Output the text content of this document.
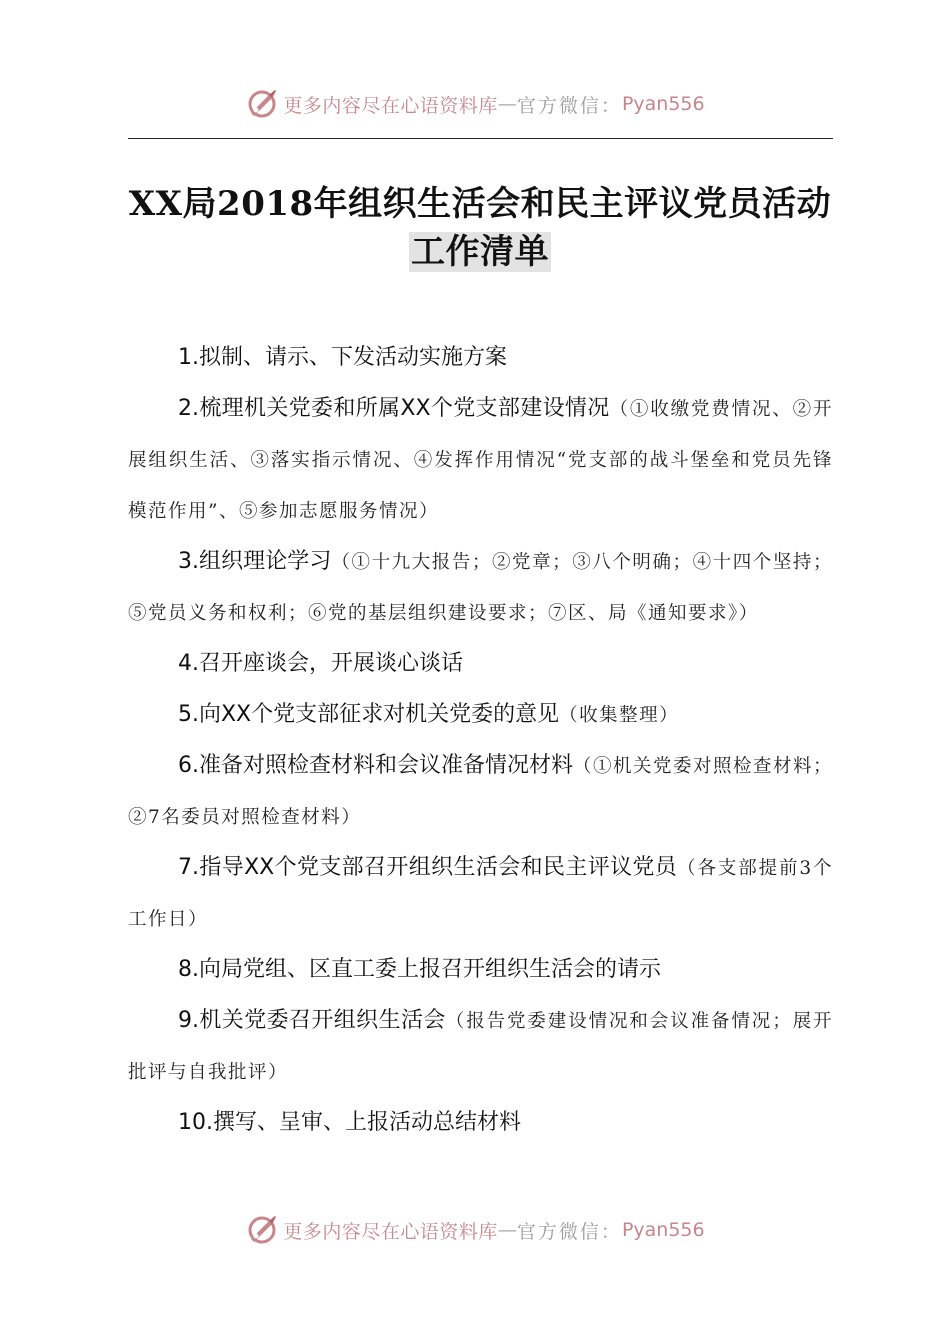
更多内容尽在心语资料库 — 官方微信： Pyan556
XX局2018年组织生活会和民主评议党员活动
工作清单

1.拟制、请示、下发活动实施方案

2.梳理机关党委和所属XX个党支部建设情况（①收缴党费情况、②开展组织生活、③落实指示情况、④发挥作用情况“党支部的战斗堡垒和党员先锋模范作用”、⑤参加志愿服务情况）

3.组织理论学习（①十九大报告；②党章；③八个明确；④十四个坚持；⑤党员义务和权利；⑥党的基层组织建设要求；⑦区、局《通知要求》）

4.召开座谈会，开展谈心谈话

5.向XX个党支部征求对机关党委的意见（收集整理）

6.准备对照检查材料和会议准备情况材料（①机关党委对照检查材料；②7名委员对照检查材料）

7.指导XX个党支部召开组织生活会和民主评议党员（各支部提前3个工作日）

8.向局党组、区直工委上报召开组织生活会的请示

9.机关党委召开组织生活会（报告党委建设情况和会议准备情况；展开批评与自我批评）

10.撰写、呈审、上报活动总结材料

更多内容尽在心语资料库 — 官方微信： Pyan556
